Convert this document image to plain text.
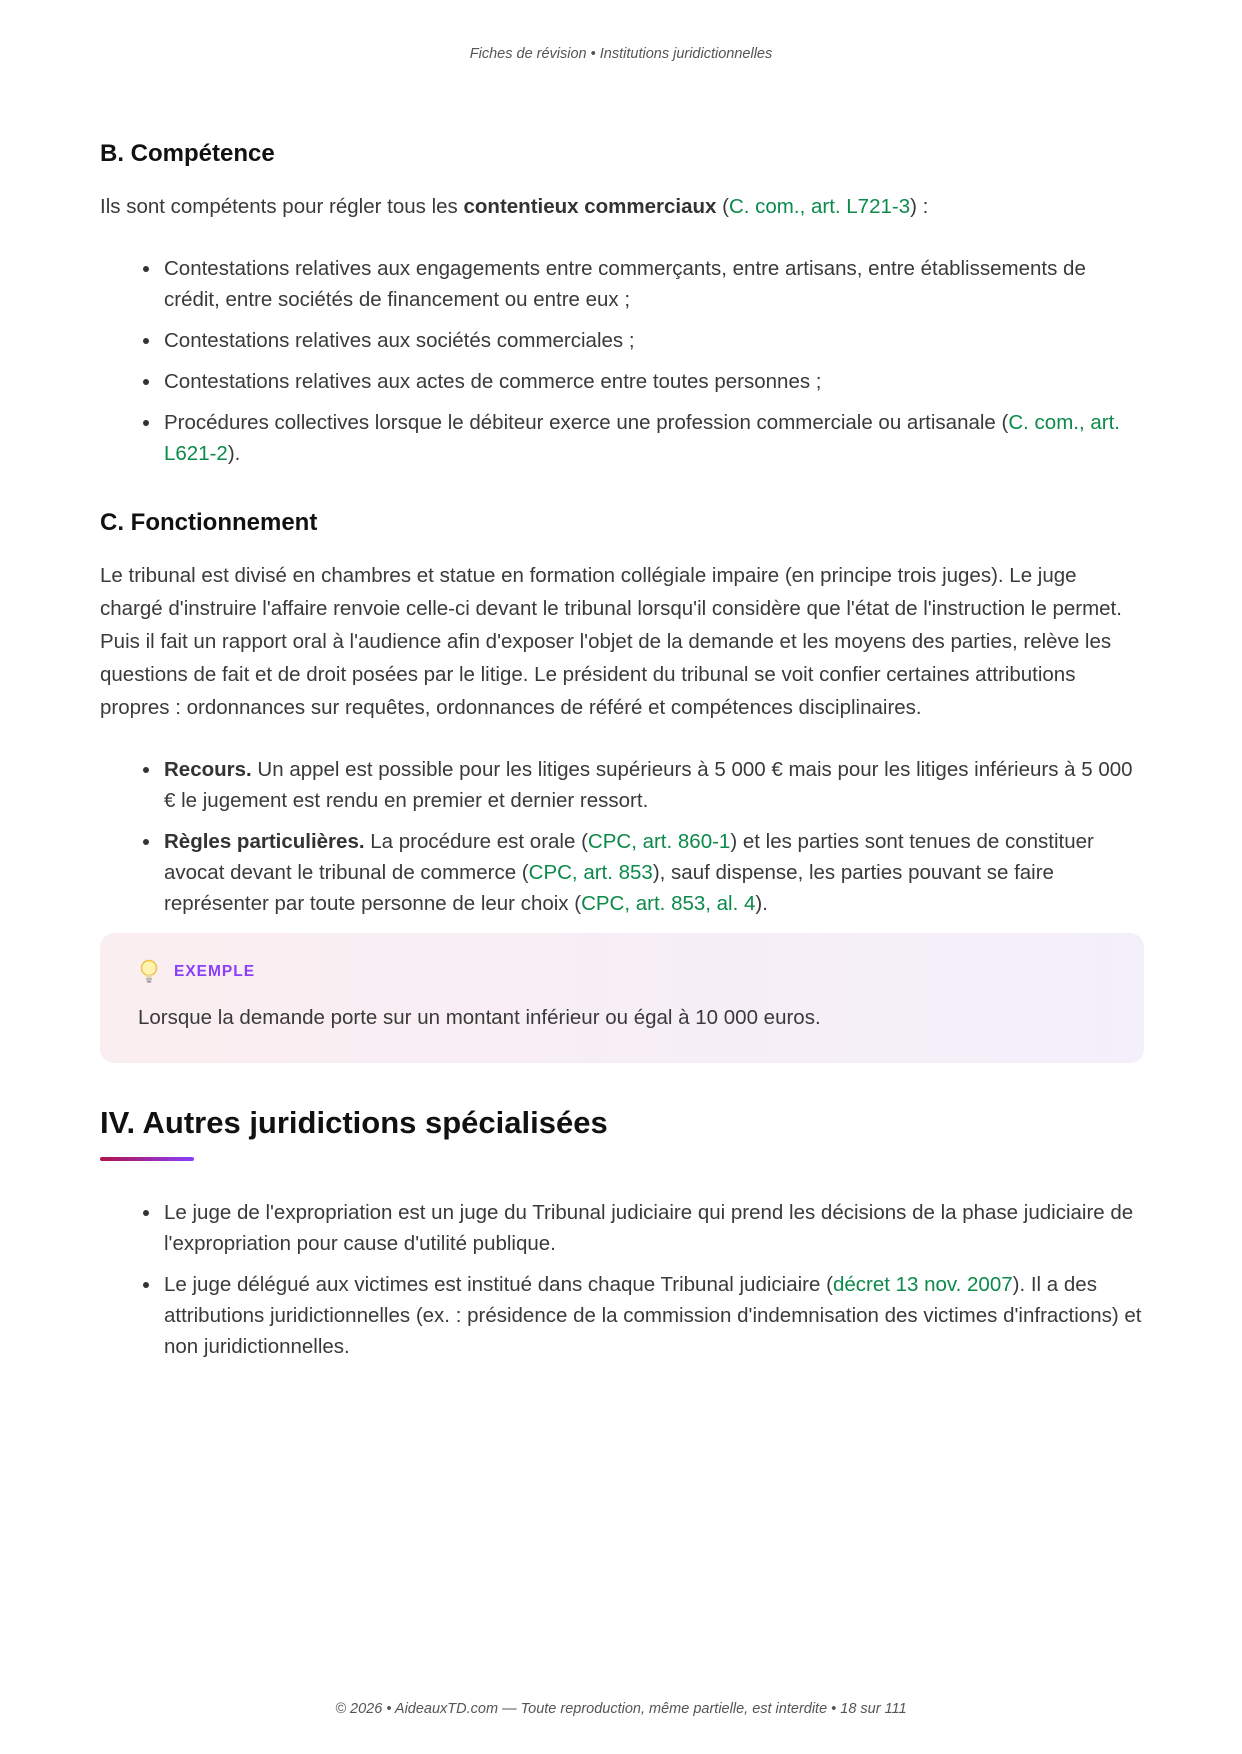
Fiches de révision • Institutions juridictionnelles
B. Compétence

Ils sont compétents pour régler tous les contentieux commerciaux (C. com., art. L721-3) :

• Contestations relatives aux engagements entre commerçants, entre artisans, entre établissements de crédit, entre sociétés de financement ou entre eux ;
• Contestations relatives aux sociétés commerciales ;
• Contestations relatives aux actes de commerce entre toutes personnes ;
• Procédures collectives lorsque le débiteur exerce une profession commerciale ou artisanale (C. com., art. L621-2).
C. Fonctionnement

Le tribunal est divisé en chambres et statue en formation collégiale impaire (en principe trois juges). Le juge chargé d'instruire l'affaire renvoie celle-ci devant le tribunal lorsqu'il considère que l'état de l'instruction le permet. Puis il fait un rapport oral à l'audience afin d'exposer l'objet de la demande et les moyens des parties, relève les questions de fait et de droit posées par le litige. Le président du tribunal se voit confier certaines attributions propres : ordonnances sur requêtes, ordonnances de référé et compétences disciplinaires.

• Recours. Un appel est possible pour les litiges supérieurs à 5 000 € mais pour les litiges inférieurs à 5 000 € le jugement est rendu en premier et dernier ressort.
• Règles particulières. La procédure est orale (CPC, art. 860-1) et les parties sont tenues de constituer avocat devant le tribunal de commerce (CPC, art. 853), sauf dispense, les parties pouvant se faire représenter par toute personne de leur choix (CPC, art. 853, al. 4).
EXEMPLE
Lorsque la demande porte sur un montant inférieur ou égal à 10 000 euros.
IV. Autres juridictions spécialisées
• Le juge de l'expropriation est un juge du Tribunal judiciaire qui prend les décisions de la phase judiciaire de l'expropriation pour cause d'utilité publique.
• Le juge délégué aux victimes est institué dans chaque Tribunal judiciaire (décret 13 nov. 2007). Il a des attributions juridictionnelles (ex. : présidence de la commission d'indemnisation des victimes d'infractions) et non juridictionnelles.
© 2026 • AideauxTD.com — Toute reproduction, même partielle, est interdite • 18 sur 111
